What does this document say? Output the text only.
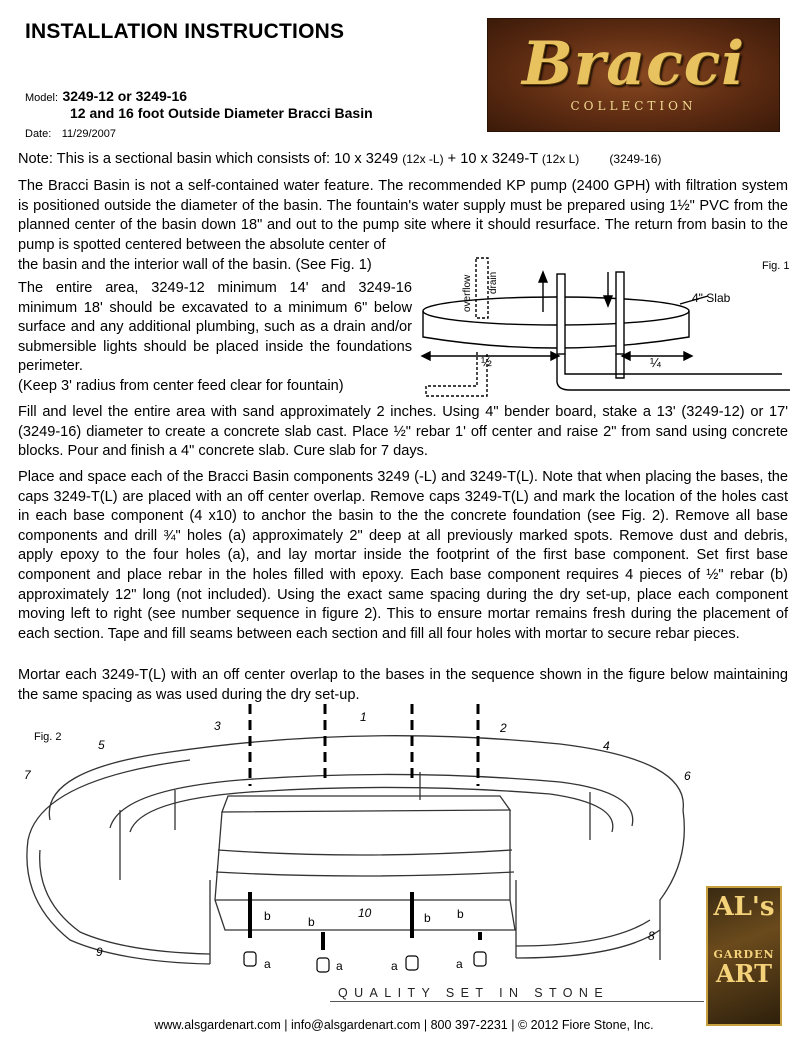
INSTALLATION INSTRUCTIONS	Bracci
COLLECTION
Model: 3249-12 or 3249-16
12 and 16 foot Outside Diameter Bracci Basin
Date: 11/29/2007
Note: This is a sectional basin which consists of: 10 x 3249 (12x -L) + 10 x 3249-T (12x L)	(3249-16)
The Bracci Basin is not a self-contained water feature. The recommended KP pump (2400 GPH) with filtration system is positioned outside the diameter of the basin. The fountain's water supply must be prepared using 1½" PVC from the planned center of the basin down 18" and out to the pump site where it should resurface. The return from basin to the pump is spotted centered between the absolute center of
the basin and the interior wall of the basin. (See Fig. 1)
The entire area, 3249-12 minimum 14' and 3249-16 minimum 18' should be excavated to a minimum 6" below surface and any additional plumbing, such as a drain and/or submersible lights should be placed inside the foundations perimeter.
(Keep 3' radius from center feed clear for fountain)
overflow drain
4" Slab
Fig. 1
½	¼
Fill and level the entire area with sand approximately 2 inches. Using 4" bender board, stake a 13' (3249-12) or 17' (3249-16) diameter to create a concrete slab cast. Place ½" rebar 1' off center and raise 2" from sand using concrete blocks. Pour and finish a 4" concrete slab. Cure slab for 7 days.
Place and space each of the Bracci Basin components 3249 (-L) and 3249-T(L). Note that when placing the bases, the caps 3249-T(L) are placed with an off center overlap. Remove caps 3249-T(L) and mark the location of the holes cast in each base component (4 x10) to anchor the basin to the the concrete foundation (see Fig. 2). Remove all base components and drill ¾" holes (a) approximately 2" deep at all previously marked spots. Remove dust and debris, apply epoxy to the four holes (a), and lay mortar inside the footprint of the first base component. Set first base component and place rebar in the holes filled with epoxy. Each base component requires 4 pieces of ½" rebar (b) approximately 12" long (not included). Using the exact same spacing during the dry set-up, place each component moving left to right (see number sequence in figure 2). This to ensure mortar remains fresh during the placement of each section. Tape and fill seams between each section and fill all four holes with mortar to secure rebar pieces.
Mortar each 3249-T(L) with an off center overlap to the bases in the sequence shown in the figure below maintaining the same spacing as was used during the dry set-up.
Fig. 2
1
2
3
4
5
6
7
8
9
10
b	b	b b
a	a	a	a
QUALITY SET IN STONE
www.alsgardenart.com | info@alsgardenart.com | 800 397-2231 | © 2012 Fiore Stone, Inc.
AL's
GARDEN
ART
